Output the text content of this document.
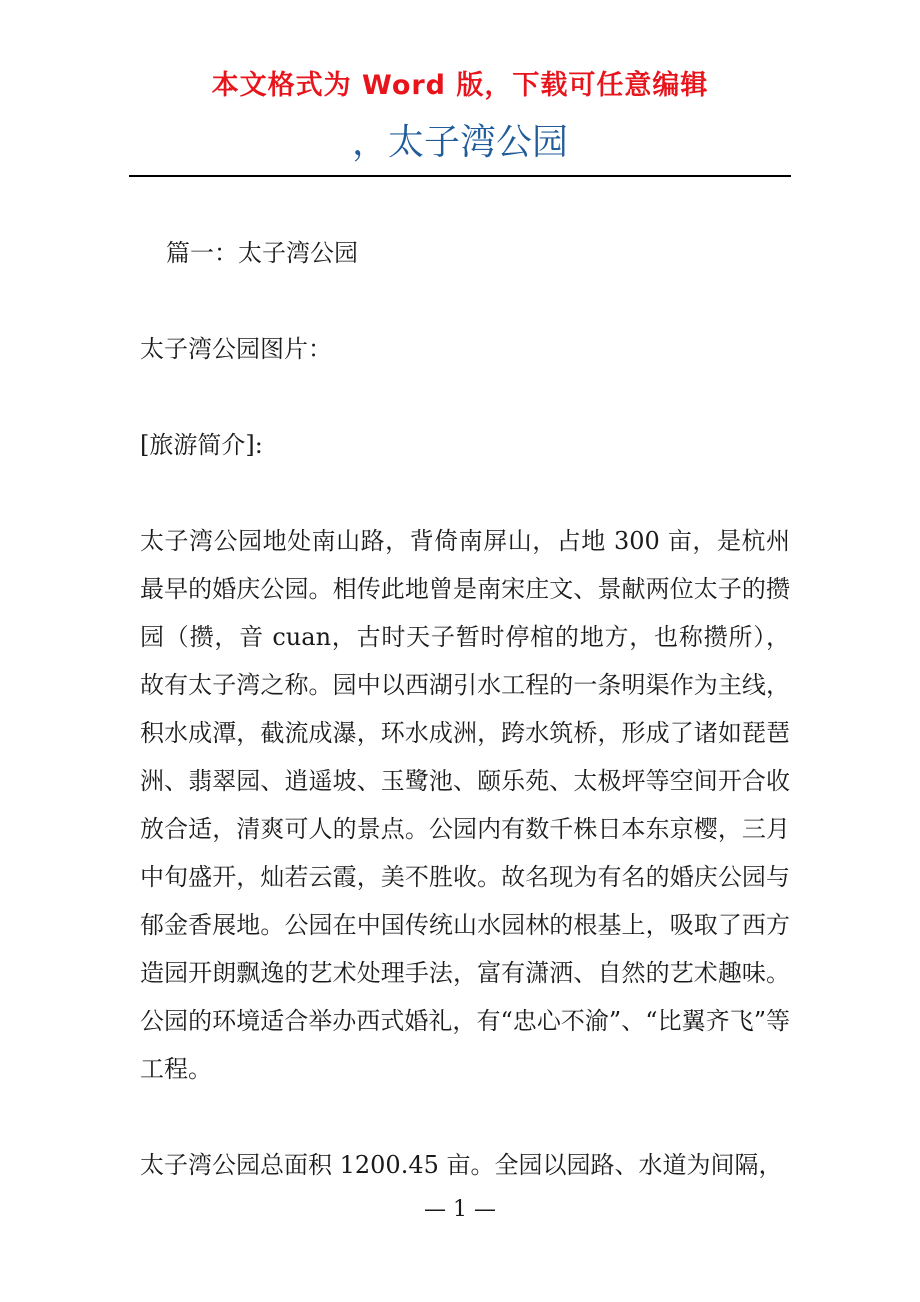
本文格式为 Word 版，下载可任意编辑
，太子湾公园

篇一：太子湾公园

太子湾公园图片：

[旅游简介]:

太子湾公园地处南山路，背倚南屏山，占地 300 亩，是杭州最早的婚庆公园。相传此地曾是南宋庄文、景献两位太子的攒园（攒，音 cuan，古时天子暂时停棺的地方，也称攒所），故有太子湾之称。园中以西湖引水工程的一条明渠作为主线，积水成潭，截流成瀑，环水成洲，跨水筑桥，形成了诸如琵琶洲、翡翠园、逍遥坡、玉鹭池、颐乐苑、太极坪等空间开合收放合适，清爽可人的景点。公园内有数千株日本东京樱，三月中旬盛开，灿若云霞，美不胜收。故名现为有名的婚庆公园与郁金香展地。公园在中国传统山水园林的根基上，吸取了西方造园开朗飘逸的艺术处理手法，富有潇洒、自然的艺术趣味。公园的环境适合举办西式婚礼，有“忠心不渝”、“比翼齐飞”等工程。

太子湾公园总面积 1200.45 亩。全园以园路、水道为间隔，

— 1 —
